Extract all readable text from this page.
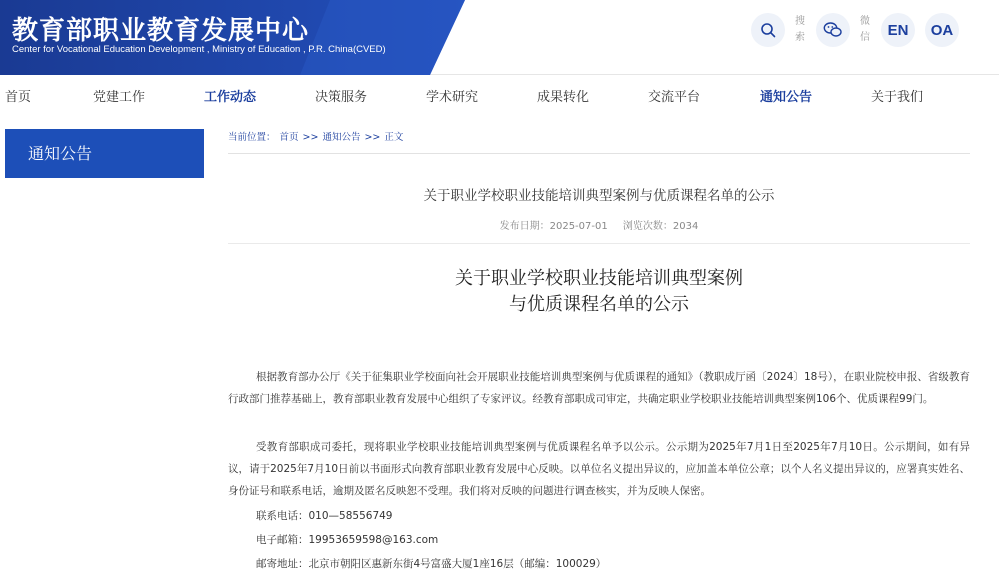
教育部职业教育发展中心
Center for Vocational Education Development , Ministry of Education , P.R. China(CVED)
搜索
微信 EN OA
首页	党建工作	工作动态	决策服务	学术研究	成果转化	交流平台	通知公告	关于我们
通知公告
当前位置： 首页 >> 通知公告 >> 正文
关于职业学校职业技能培训典型案例与优质课程名单的公示
发布日期：2025-07-01 浏览次数：2034
关于职业学校职业技能培训典型案例
与优质课程名单的公示
根据教育部办公厅《关于征集职业学校面向社会开展职业技能培训典型案例与优质课程的通知》（教职成厅函〔2024〕18号），在职业院校申报、省级教育行政部门推荐基础上，教育部职业教育发展中心组织了专家评议。经教育部职成司审定，共确定职业学校职业技能培训典型案例106个、优质课程99门。
受教育部职成司委托，现将职业学校职业技能培训典型案例与优质课程名单予以公示。公示期为2025年7月1日至2025年7月10日。公示期间，如有异议，请于2025年7月10日前以书面形式向教育部职业教育发展中心反映。以单位名义提出异议的，应加盖本单位公章；以个人名义提出异议的，应署真实姓名、身份证号和联系电话，逾期及匿名反映恕不受理。我们将对反映的问题进行调查核实，并为反映人保密。
联系电话：010—58556749
电子邮箱：19953659598@163.com
邮寄地址：北京市朝阳区惠新东街4号富盛大厦1座16层（邮编：100029）
